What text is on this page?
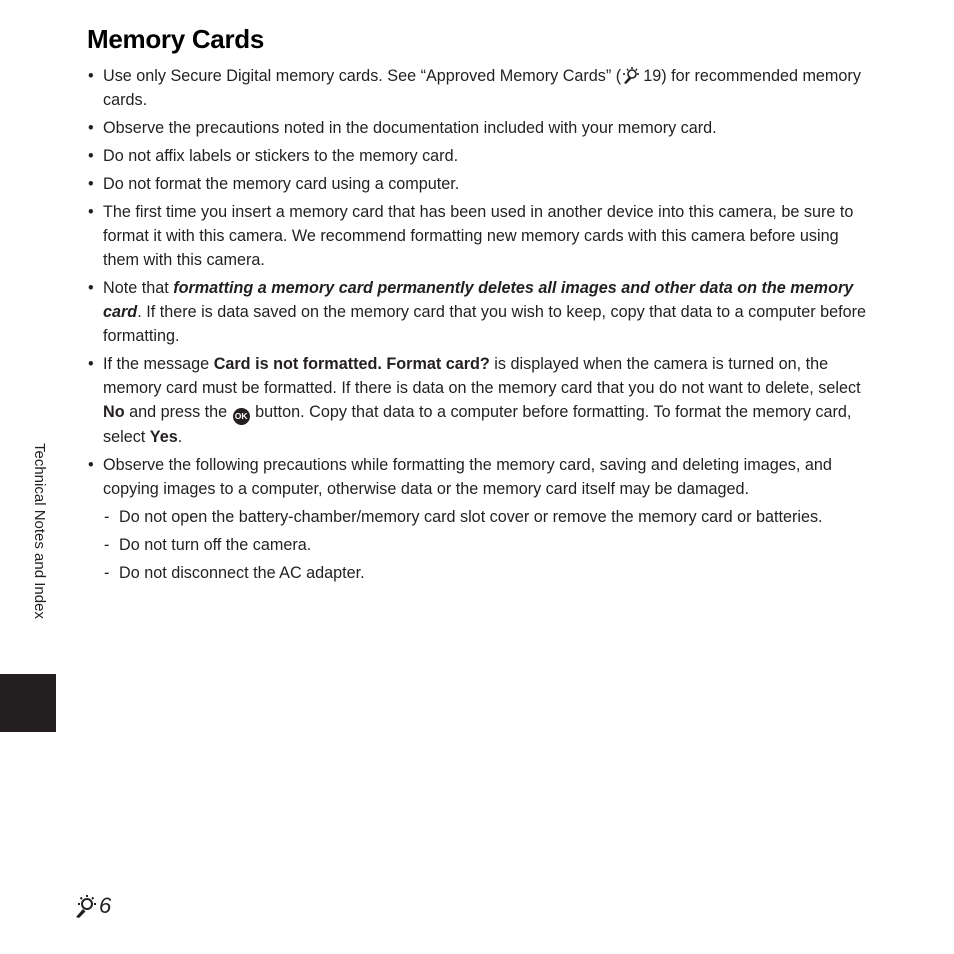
Memory Cards
• Use only Secure Digital memory cards. See “Approved Memory Cards” ( 19) for recommended memory cards.
• Observe the precautions noted in the documentation included with your memory card.
• Do not affix labels or stickers to the memory card.
• Do not format the memory card using a computer.
• The first time you insert a memory card that has been used in another device into this camera, be sure to format it with this camera. We recommend formatting new memory cards with this camera before using them with this camera.
• Note that formatting a memory card permanently deletes all images and other data on the memory card. If there is data saved on the memory card that you wish to keep, copy that data to a computer before formatting.
• If the message Card is not formatted. Format card? is displayed when the camera is turned on, the memory card must be formatted. If there is data on the memory card that you do not want to delete, select No and press the OK button. Copy that data to a computer before formatting. To format the memory card, select Yes.
• Observe the following precautions while formatting the memory card, saving and deleting images, and copying images to a computer, otherwise data or the memory card itself may be damaged.
- Do not open the battery-chamber/memory card slot cover or remove the memory card or batteries.
- Do not turn off the camera.
- Do not disconnect the AC adapter.
Technical Notes and Index
6
